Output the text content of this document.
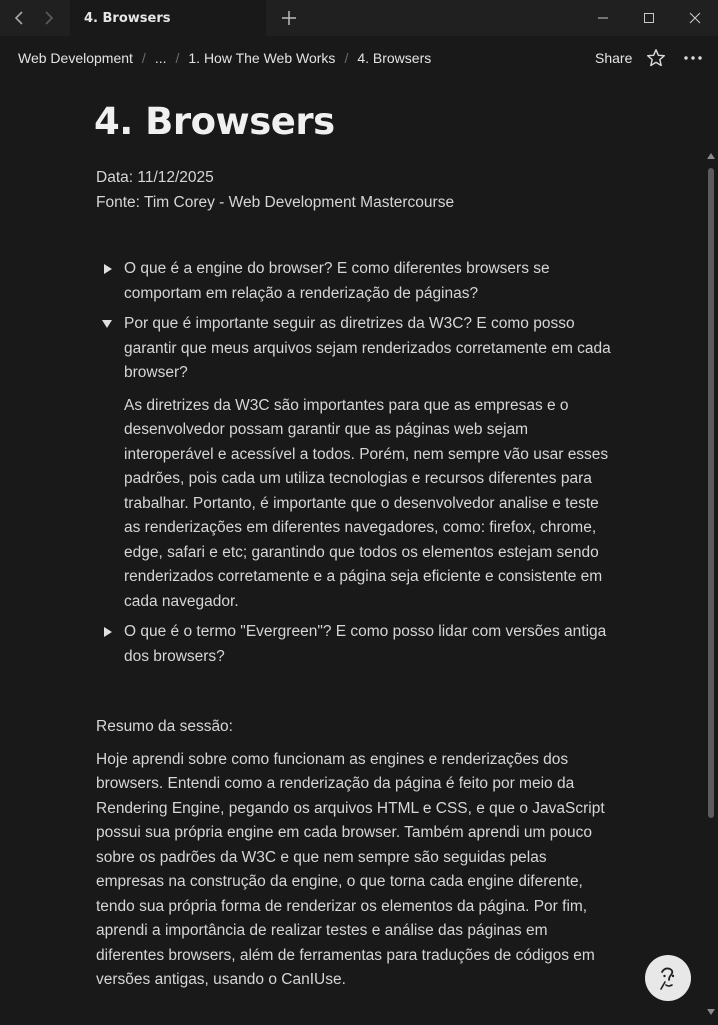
4. Browsers
Web Development / ... / 1. How The Web Works / 4. Browsers	Share
4. Browsers
Data: 11/12/2025
Fonte: Tim Corey - Web Development Mastercourse
O que é a engine do browser? E como diferentes browsers se comportam em relação a renderização de páginas?
Por que é importante seguir as diretrizes da W3C? E como posso garantir que meus arquivos sejam renderizados corretamente em cada browser?
As diretrizes da W3C são importantes para que as empresas e o desenvolvedor possam garantir que as páginas web sejam interoperável e acessível a todos. Porém, nem sempre vão usar esses padrões, pois cada um utiliza tecnologias e recursos diferentes para trabalhar. Portanto, é importante que o desenvolvedor analise e teste as renderizações em diferentes navegadores, como: firefox, chrome, edge, safari e etc; garantindo que todos os elementos estejam sendo renderizados corretamente e a página seja eficiente e consistente em cada navegador.
O que é o termo "Evergreen"? E como posso lidar com versões antiga dos browsers?
Resumo da sessão:
Hoje aprendi sobre como funcionam as engines e renderizações dos browsers. Entendi como a renderização da página é feito por meio da Rendering Engine, pegando os arquivos HTML e CSS, e que o JavaScript possui sua própria engine em cada browser. Também aprendi um pouco sobre os padrões da W3C e que nem sempre são seguidas pelas empresas na construção da engine, o que torna cada engine diferente, tendo sua própria forma de renderizar os elementos da página. Por fim, aprendi a importância de realizar testes e análise das páginas em diferentes browsers, além de ferramentas para traduções de códigos em versões antigas, usando o CanIUse.
